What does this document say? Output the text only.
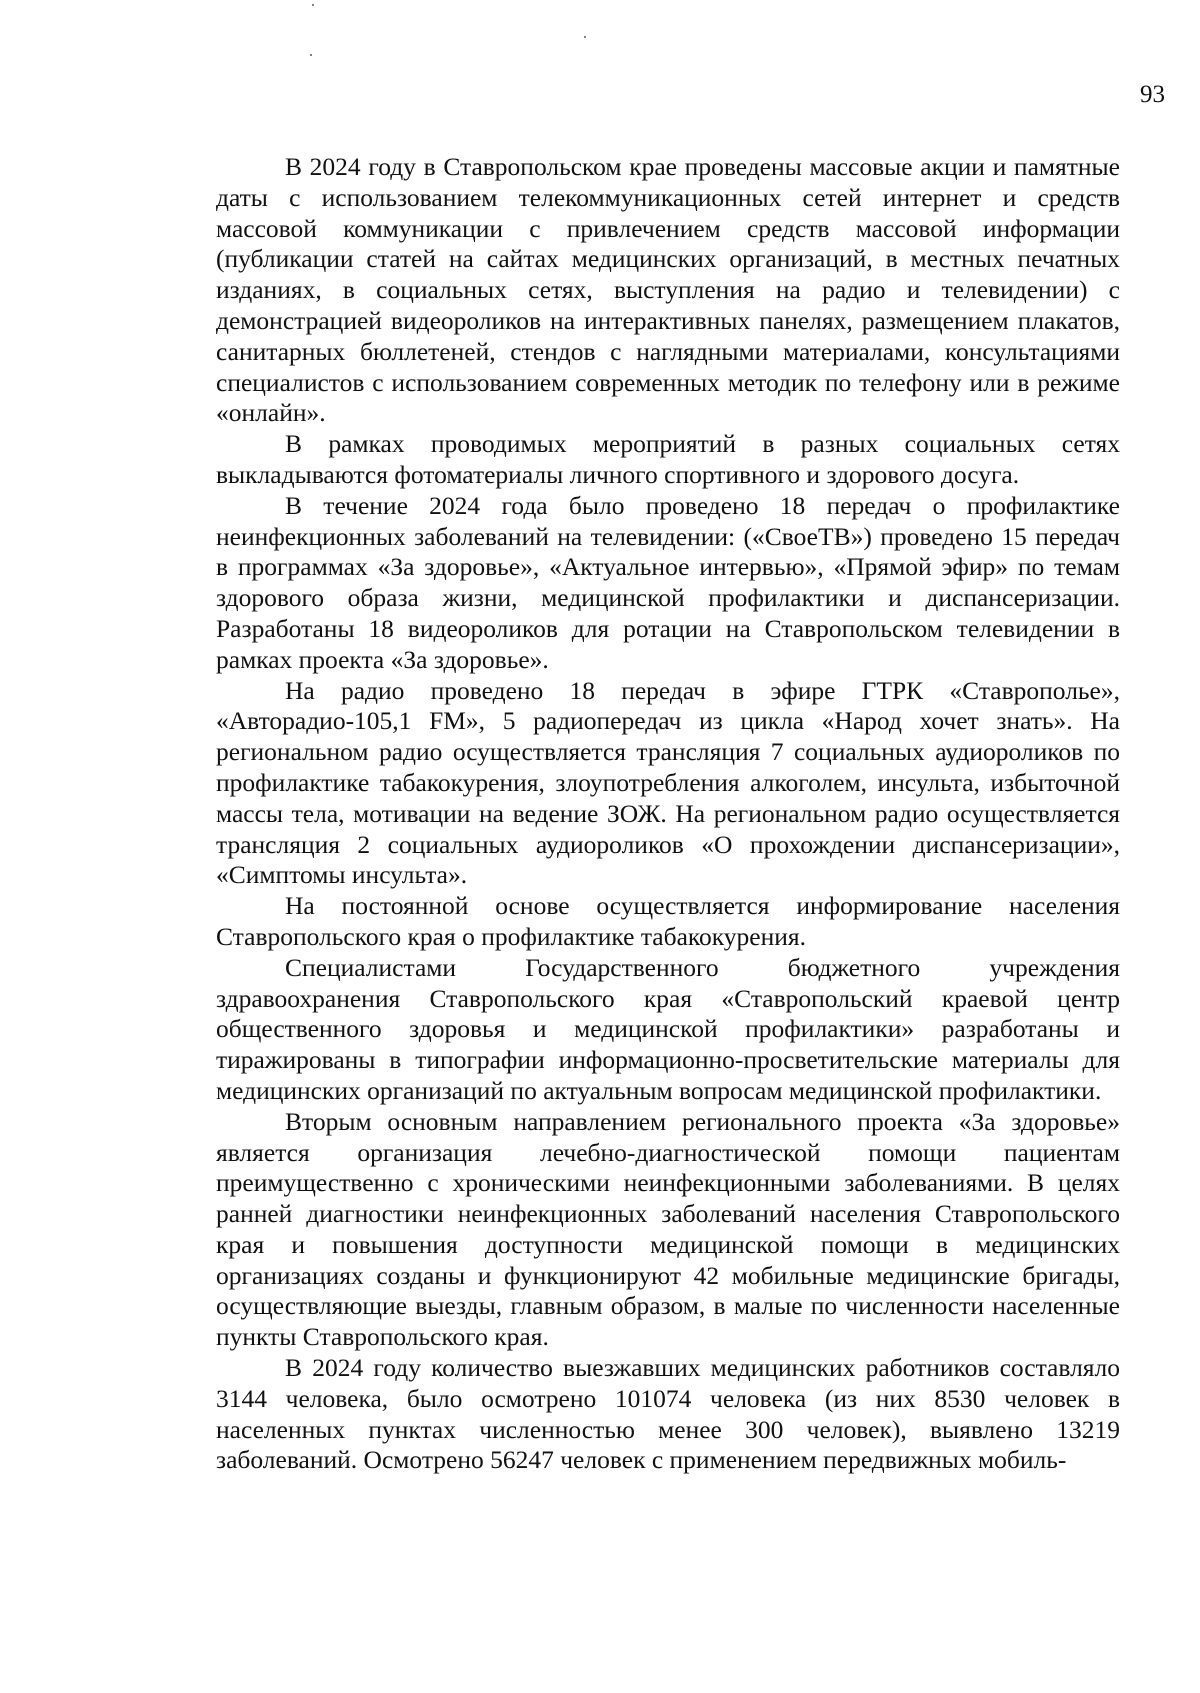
93

В 2024 году в Ставропольском крае проведены массовые акции и памятные даты с использованием телекоммуникационных сетей интернет и средств массовой коммуникации с привлечением средств массовой информации (публикации статей на сайтах медицинских организаций, в местных печатных изданиях, в социальных сетях, выступления на радио и телевидении) с демонстрацией видеороликов на интерактивных панелях, размещением плакатов, санитарных бюллетеней, стендов с наглядными материалами, консультациями специалистов с использованием современных методик по телефону или в режиме «онлайн».

В рамках проводимых мероприятий в разных социальных сетях выкладываются фотоматериалы личного спортивного и здорового досуга.

В течение 2024 года было проведено 18 передач о профилактике неинфекционных заболеваний на телевидении: («СвоеТВ») проведено 15 передач в программах «За здоровье», «Актуальное интервью», «Прямой эфир» по темам здорового образа жизни, медицинской профилактики и диспансеризации. Разработаны 18 видеороликов для ротации на Ставропольском телевидении в рамках проекта «За здоровье».

На радио проведено 18 передач в эфире ГТРК «Ставрополье», «Авторадио-105,1 FM», 5 радиопередач из цикла «Народ хочет знать». На региональном радио осуществляется трансляция 7 социальных аудиороликов по профилактике табакокурения, злоупотребления алкоголем, инсульта, избыточной массы тела, мотивации на ведение ЗОЖ. На региональном радио осуществляется трансляция 2 социальных аудиороликов «О прохождении диспансеризации», «Симптомы инсульта».

На постоянной основе осуществляется информирование населения Ставропольского края о профилактике табакокурения.

Специалистами Государственного бюджетного учреждения здравоохранения Ставропольского края «Ставропольский краевой центр общественного здоровья и медицинской профилактики» разработаны и тиражированы в типографии информационно-просветительские материалы для медицинских организаций по актуальным вопросам медицинской профилактики.

Вторым основным направлением регионального проекта «За здоровье» является организация лечебно-диагностической помощи пациентам преимущественно с хроническими неинфекционными заболеваниями. В целях ранней диагностики неинфекционных заболеваний населения Ставропольского края и повышения доступности медицинской помощи в медицинских организациях созданы и функционируют 42 мобильные медицинские бригады, осуществляющие выезды, главным образом, в малые по численности населенные пункты Ставропольского края.

В 2024 году количество выезжавших медицинских работников составляло 3144 человека, было осмотрено 101074 человека (из них 8530 человек в населенных пунктах численностью менее 300 человек), выявлено 13219 заболеваний. Осмотрено 56247 человек с применением передвижных мобиль-
